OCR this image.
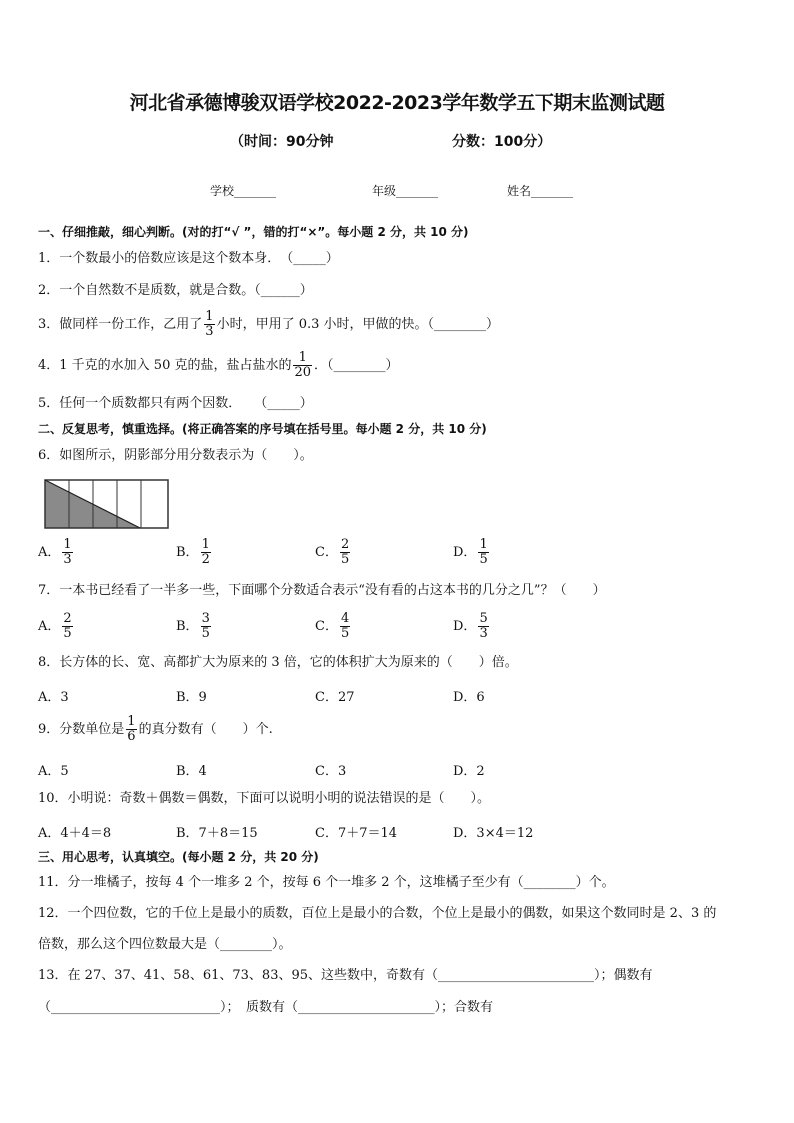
河北省承德博骏双语学校2022-2023学年数学五下期末监测试题
（时间：90分钟	分数：100分）
学校_______	年级_______	姓名_______
一、仔细推敲，细心判断。(对的打“√ ”，错的打“×”。每小题 2 分，共 10 分)
1．一个数最小的倍数应该是这个数本身．　（_____）
2．一个自然数不是质数，就是合数。（______）
3．做同样一份工作，乙用了 $\frac{1}{3}$ 小时，甲用了 0.3 小时，甲做的快。（________）
4．1 千克的水加入 50 克的盐，盐占盐水的 $\frac{1}{20}$ ．（________）
5．任何一个质数都只有两个因数．　　（_____）
二、反复思考，慎重选择。(将正确答案的序号填在括号里。每小题 2 分，共 10 分)
6．如图所示，阴影部分用分数表示为（　　）。
A． $\frac{1}{3}$	B． $\frac{1}{2}$	C． $\frac{2}{5}$	D． $\frac{1}{5}$
7．一本书已经看了一半多一些，下面哪个分数适合表示“没有看的占这本书的几分之几”？（　　）
A． $\frac{2}{5}$	B． $\frac{3}{5}$	C． $\frac{4}{5}$	D． $\frac{5}{3}$
8．长方体的长、宽、高都扩大为原来的 3 倍，它的体积扩大为原来的（　　）倍。
A．3	B．9	C．27	D．6
9．分数单位是 $\frac{1}{6}$ 的真分数有（　　）个.
A．5	B．4	C．3	D．2
10．小明说：奇数＋偶数＝偶数，下面可以说明小明的说法错误的是（　　）。
A．4＋4＝8	B．7＋8＝15	C．7＋7＝14	D．3×4＝12
三、用心思考，认真填空。(每小题 2 分，共 20 分)
11．分一堆橘子，按每 4 个一堆多 2 个，按每 6 个一堆多 2 个，这堆橘子至少有（________）个。
12．一个四位数，它的千位上是最小的质数，百位上是最小的合数，个位上是最小的偶数，如果这个数同时是 2、3 的
倍数，那么这个四位数最大是（________）。
13．在 27、37、41、58、61、73、83、95、这些数中，奇数有（________________________）；偶数有
（__________________________）；　质数有（_____________________）；合数有
